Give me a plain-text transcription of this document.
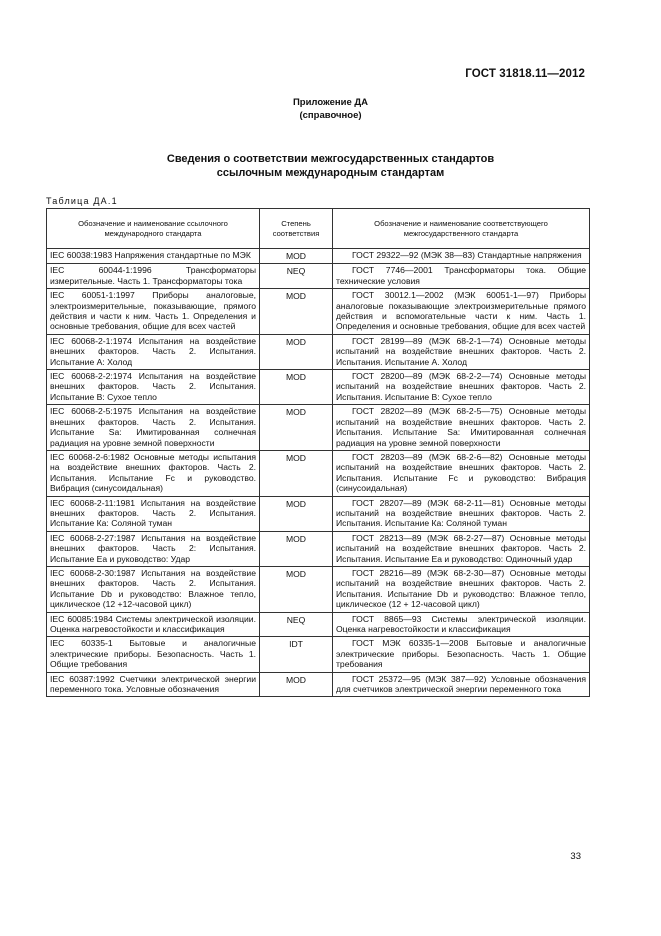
ГОСТ 31818.11—2012
Приложение ДА
(справочное)
Сведения о соответствии межгосударственных стандартов
ссылочным международным стандартам
Таблица ДА.1
Обозначение и наименование ссылочного международного стандарта	Степень соответствия	Обозначение и наименование соответствующего межгосударственного стандарта
IEC 60038:1983 Напряжения стандартные по МЭК	MOD	ГОСТ 29322—92 (МЭК 38—83) Стандартные напряжения
IEC 60044-1:1996 Трансформаторы измерительные. Часть 1. Трансформаторы тока	NEQ	ГОСТ 7746—2001 Трансформаторы тока. Общие технические условия
IEC 60051-1:1997 Приборы аналоговые, электроизмерительные, показывающие, прямого действия и части к ним. Часть 1. Определения и основные требования, общие для всех частей	MOD	ГОСТ 30012.1—2002 (МЭК 60051-1—97) Приборы аналоговые показывающие электроизмерительные прямого действия и вспомогательные части к ним. Часть 1. Определения и основные требования, общие для всех частей
IEC 60068-2-1:1974 Испытания на воздействие внешних факторов. Часть 2. Испытания. Испытание А: Холод	MOD	ГОСТ 28199—89 (МЭК 68-2-1—74) Основные методы испытаний на воздействие внешних факторов. Часть 2. Испытания. Испытание А. Холод
IEC 60068-2-2:1974 Испытания на воздействие внешних факторов. Часть 2. Испытания. Испытание В: Сухое тепло	MOD	ГОСТ 28200—89 (МЭК 68-2-2—74) Основные методы испытаний на воздействие внешних факторов. Часть 2. Испытания. Испытание В: Сухое тепло
IEC 60068-2-5:1975 Испытания на воздействие внешних факторов. Часть 2. Испытания. Испытание Sa: Имитированная солнечная радиация на уровне земной поверхности	MOD	ГОСТ 28202—89 (МЭК 68-2-5—75) Основные методы испытаний на воздействие внешних факторов. Часть 2. Испытания. Испытание Sa: Имитированная солнечная радиация на уровне земной поверхности
IEC 60068-2-6:1982 Основные методы испытания на воздействие внешних факторов. Часть 2. Испытания. Испытание Fc и руководство. Вибрация (синусоидальная)	MOD	ГОСТ 28203—89 (МЭК 68-2-6—82) Основные методы испытаний на воздействие внешних факторов. Часть 2. Испытания. Испытание Fc и руководство: Вибрация (синусоидальная)
IEC 60068-2-11:1981 Испытания на воздействие внешних факторов. Часть 2. Испытания. Испытание Ка: Соляной туман	MOD	ГОСТ 28207—89 (МЭК 68-2-11—81) Основные методы испытаний на воздействие внешних факторов. Часть 2. Испытания. Испытание Ка: Соляной туман
IEC 60068-2-27:1987 Испытания на воздействие внешних факторов. Часть 2: Испытания. Испытание Еа и руководство: Удар	MOD	ГОСТ 28213—89 (МЭК 68-2-27—87) Основные методы испытаний на воздействие внешних факторов. Часть 2. Испытания. Испытание Еа и руководство: Одиночный удар
IEC 60068-2-30:1987 Испытания на воздействие внешних факторов. Часть 2. Испытания. Испытание Db и руководство: Влажное тепло, циклическое (12 +12-часовой цикл)	MOD	ГОСТ 28216—89 (МЭК 68-2-30—87) Основные методы испытаний на воздействие внешних факторов. Часть 2. Испытания. Испытание Db и руководство: Влажное тепло, циклическое (12 + 12-часовой цикл)
IEC 60085:1984 Системы электрической изоляции. Оценка нагревостойкости и классификация	NEQ	ГОСТ 8865—93 Системы электрической изоляции. Оценка нагревостойкости и классификация
IEC 60335-1 Бытовые и аналогичные электрические приборы. Безопасность. Часть 1. Общие требования	IDT	ГОСТ МЭК 60335-1—2008 Бытовые и аналогичные электрические приборы. Безопасность. Часть 1. Общие требования
IEC 60387:1992 Счетчики электрической энергии переменного тока. Условные обозначения	MOD	ГОСТ 25372—95 (МЭК 387—92) Условные обозначения для счетчиков электрической энергии переменного тока
33
